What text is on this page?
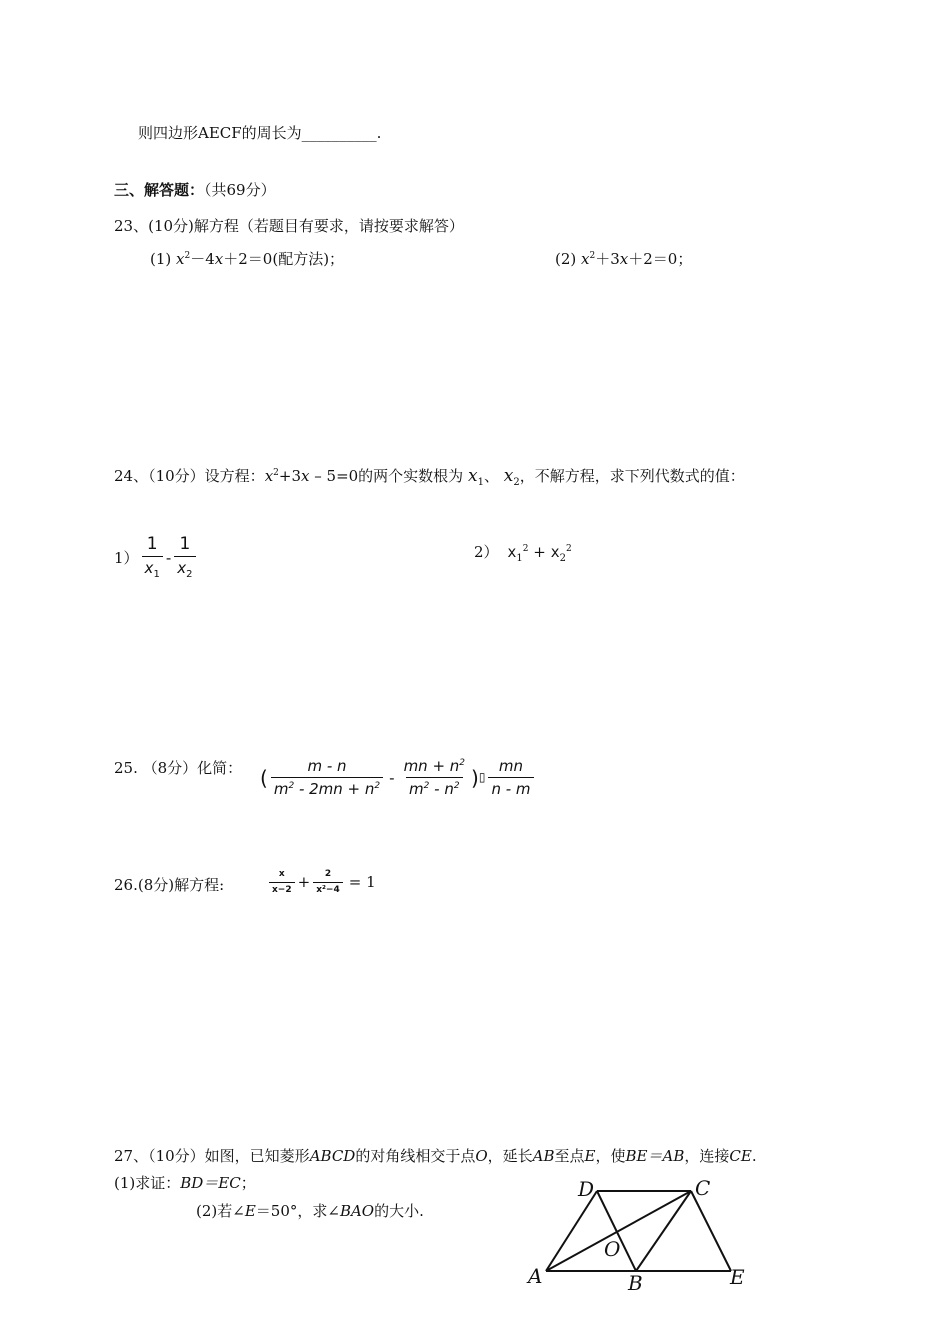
则四边形AECF的周长为__________.
三、解答题：（共69分）
23、(10分)解方程（若题目有要求，请按要求解答）
(1) $x^2-4x+2=0$(配方法)；	(2) $x^2+3x+2=0$；
24、（10分）设方程：$x^2+3x - 5=0$的两个实数根为 $x_1$、 $x_2$，不解方程，求下列代数式的值：
$1) \frac{1}{x_1} - \frac{1}{x_2}$	2） $x_1^2 + x_2^2$
25. （8分）化简： ( $\frac{m - n}{m^2 - 2mn + n^2} - \frac{mn + n^2}{m^2 - n^2}$ ) ▯ $\frac{mn}{n - m}$
26.(8分)解方程:	$\frac{x}{x-2} + \frac{2}{\text{x²−4}} = 1$
27、（10分）如图，已知菱形ABCD的对角线相交于点O，延长AB至点E，使BE＝AB，连接CE.
(1)求证：BD＝EC；
(2)若∠E＝50°，求∠BAO的大小.
D	C
O
A	B	E
